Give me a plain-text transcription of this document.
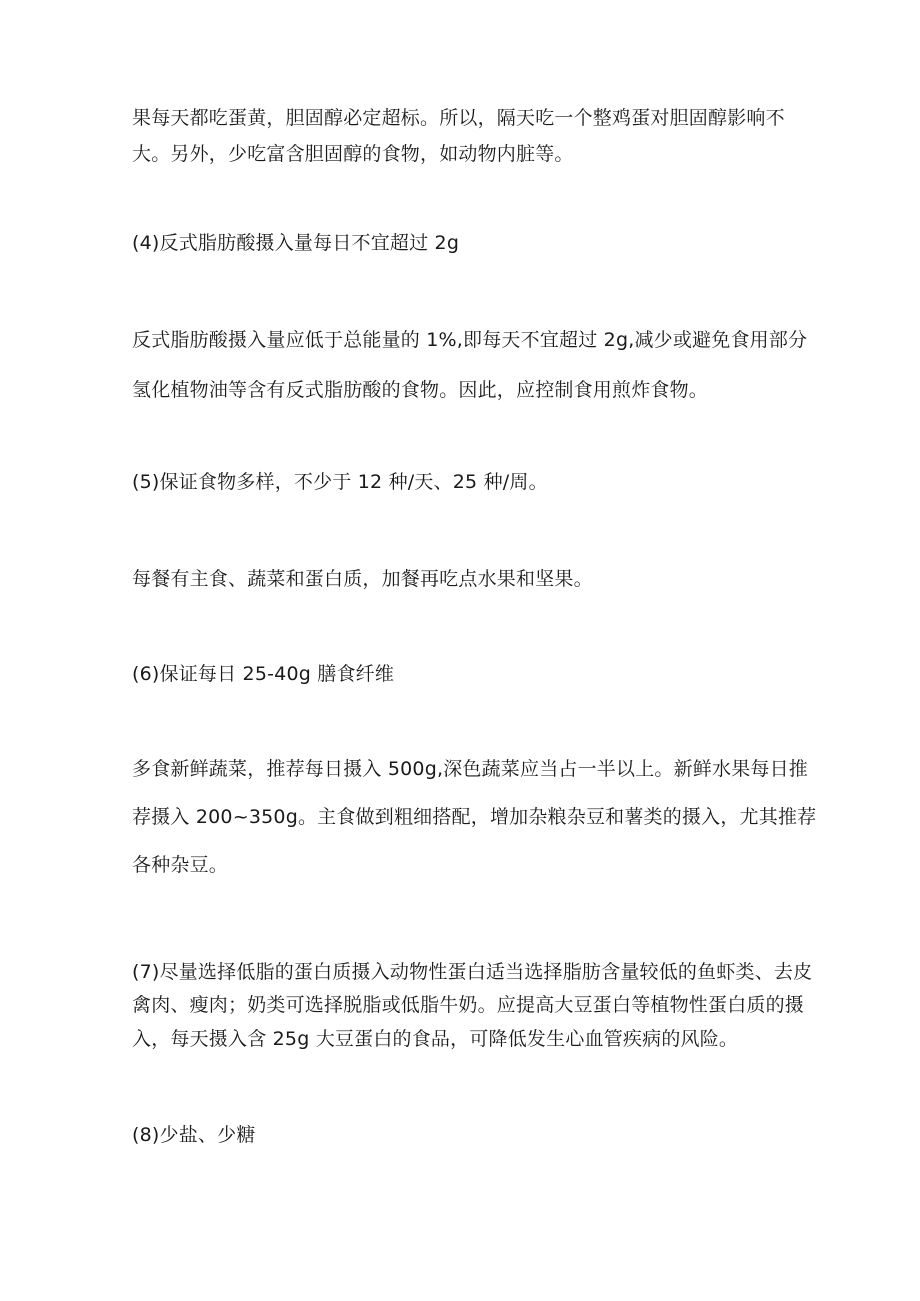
果每天都吃蛋黄，胆固醇必定超标。所以，隔天吃一个整鸡蛋对胆固醇影响不
大。另外，少吃富含胆固醇的食物，如动物内脏等。
(4)反式脂肪酸摄入量每日不宜超过 2g
反式脂肪酸摄入量应低于总能量的 1%,即每天不宜超过 2g,减少或避免食用部分
氢化植物油等含有反式脂肪酸的食物。因此，应控制食用煎炸食物。
(5)保证食物多样，不少于 12 种/天、25 种/周。
每餐有主食、蔬菜和蛋白质，加餐再吃点水果和坚果。
(6)保证每日 25-40g 膳食纤维
多食新鲜蔬菜，推荐每日摄入 500g,深色蔬菜应当占一半以上。新鲜水果每日推
荐摄入 200~350g。主食做到粗细搭配，增加杂粮杂豆和薯类的摄入，尤其推荐
各种杂豆。
(7)尽量选择低脂的蛋白质摄入动物性蛋白适当选择脂肪含量较低的鱼虾类、去皮
禽肉、瘦肉；奶类可选择脱脂或低脂牛奶。应提高大豆蛋白等植物性蛋白质的摄
入，每天摄入含 25g 大豆蛋白的食品，可降低发生心血管疾病的风险。
(8)少盐、少糖
